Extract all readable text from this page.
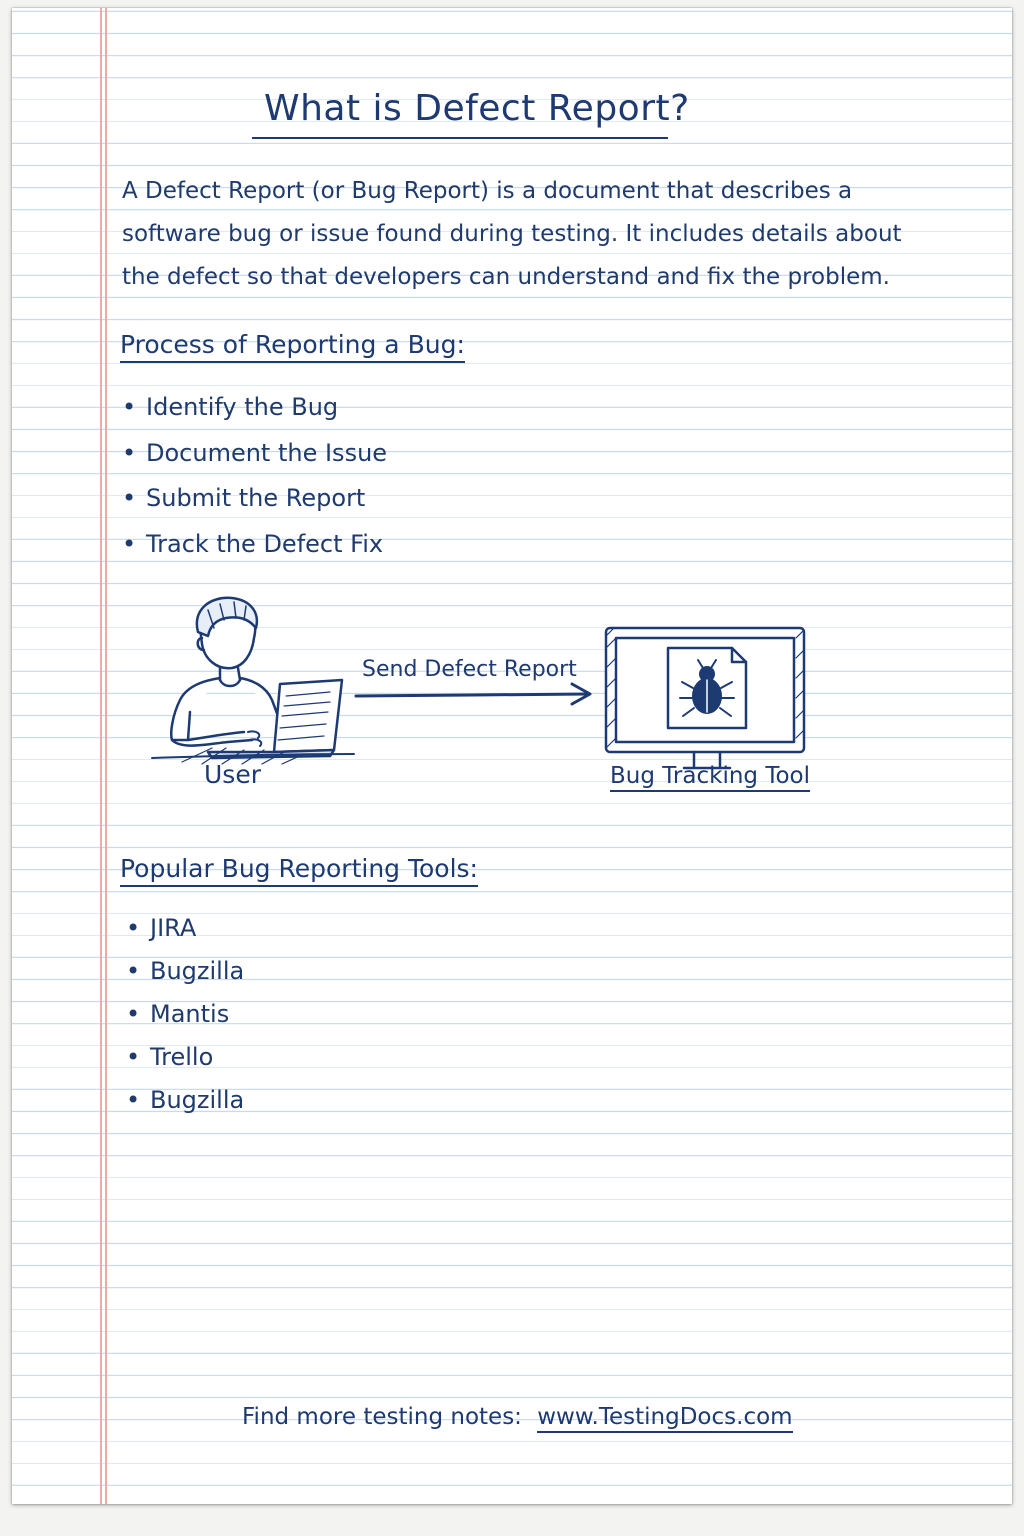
What is Defect Report?
A Defect Report (or Bug Report) is a document that describes a software bug or issue found during testing. It includes details about the defect so that developers can understand and fix the problem.
Process of Reporting a Bug:
• Identify the Bug
• Document the Issue
• Submit the Report
• Track the Defect Fix
Send Defect Report
User	Bug Tracking Tool
Popular Bug Reporting Tools:
• JIRA
• Bugzilla
• Mantis
• Trello
• Bugzilla
Find more testing notes: www.TestingDocs.com
